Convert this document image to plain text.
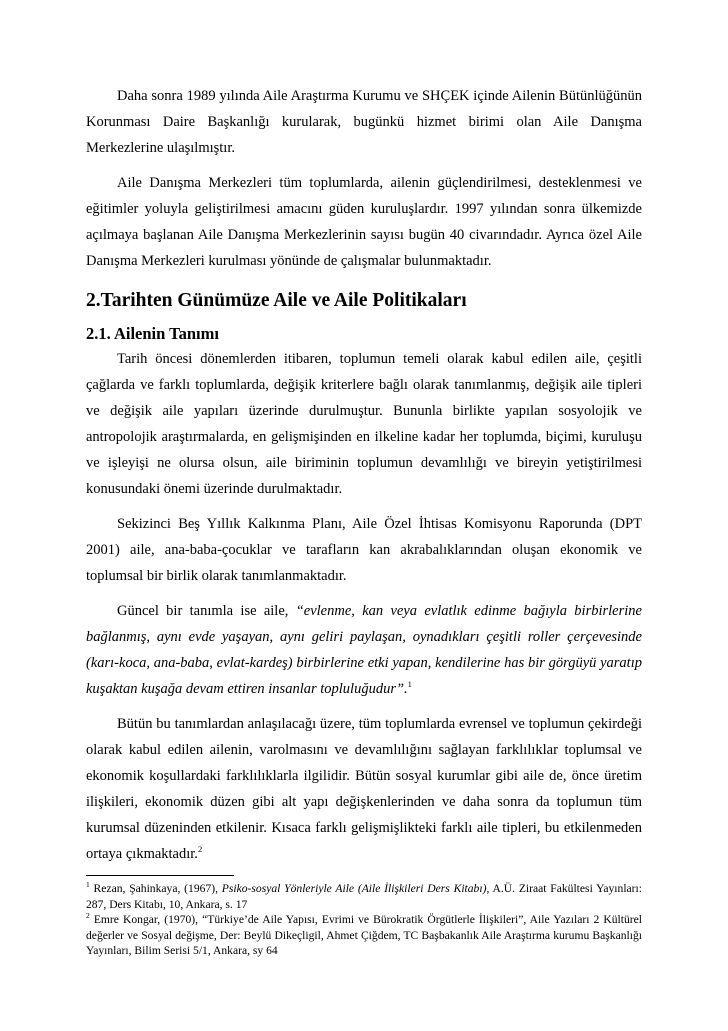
Daha sonra 1989 yılında Aile Araştırma Kurumu ve SHÇEK içinde Ailenin Bütünlüğünün Korunması Daire Başkanlığı kurularak, bugünkü hizmet birimi olan Aile Danışma Merkezlerine ulaşılmıştır.

Aile Danışma Merkezleri tüm toplumlarda, ailenin güçlendirilmesi, desteklenmesi ve eğitimler yoluyla geliştirilmesi amacını güden kuruluşlardır. 1997 yılından sonra ülkemizde açılmaya başlanan Aile Danışma Merkezlerinin sayısı bugün 40 civarındadır. Ayrıca özel Aile Danışma Merkezleri kurulması yönünde de çalışmalar bulunmaktadır.

2.Tarihten Günümüze Aile ve Aile Politikaları
2.1. Ailenin Tanımı

Tarih öncesi dönemlerden itibaren, toplumun temeli olarak kabul edilen aile, çeşitli çağlarda ve farklı toplumlarda, değişik kriterlere bağlı olarak tanımlanmış, değişik aile tipleri ve değişik aile yapıları üzerinde durulmuştur. Bununla birlikte yapılan sosyolojik ve antropolojik araştırmalarda, en gelişmişinden en ilkeline kadar her toplumda, biçimi, kuruluşu ve işleyişi ne olursa olsun, aile biriminin toplumun devamlılığı ve bireyin yetiştirilmesi konusundaki önemi üzerinde durulmaktadır.

Sekizinci Beş Yıllık Kalkınma Planı, Aile Özel İhtisas Komisyonu Raporunda (DPT 2001) aile, ana-baba-çocuklar ve tarafların kan akrabalıklarından oluşan ekonomik ve toplumsal bir birlik olarak tanımlanmaktadır.

Güncel bir tanımla ise aile, “evlenme, kan veya evlatlık edinme bağıyla birbirlerine bağlanmış, aynı evde yaşayan, aynı geliri paylaşan, oynadıkları çeşitli roller çerçevesinde (karı-koca, ana-baba, evlat-kardeş) birbirlerine etki yapan, kendilerine has bir görgüyü yaratıp kuşaktan kuşağa devam ettiren insanlar topluluğudur”.$^1$

Bütün bu tanımlardan anlaşılacağı üzere, tüm toplumlarda evrensel ve toplumun çekirdeği olarak kabul edilen ailenin, varolmasını ve devamlılığını sağlayan farklılıklar toplumsal ve ekonomik koşullardaki farklılıklarla ilgilidir. Bütün sosyal kurumlar gibi aile de, önce üretim ilişkileri, ekonomik düzen gibi alt yapı değişkenlerinden ve daha sonra da toplumun tüm kurumsal düzeninden etkilenir. Kısaca farklı gelişmişlikteki farklı aile tipleri, bu etkilenmeden ortaya çıkmaktadır.$^2$

$^1$ Rezan, Şahinkaya, (1967), Psiko-sosyal Yönleriyle Aile (Aile İlişkileri Ders Kitabı), A.Ü. Ziraat Fakültesi Yayınları: 287, Ders Kitabı, 10, Ankara, s. 17

$^2$ Emre Kongar, (1970), “Türkiye’de Aile Yapısı, Evrimi ve Bürokratik Örgütlerle İlişkileri”, Aile Yazıları 2 Kültürel değerler ve Sosyal değişme, Der: Beylü Dikeçligil, Ahmet Çiğdem, TC Başbakanlık Aile Araştırma kurumu Başkanlığı Yayınları, Bilim Serisi 5/1, Ankara, sy 64
